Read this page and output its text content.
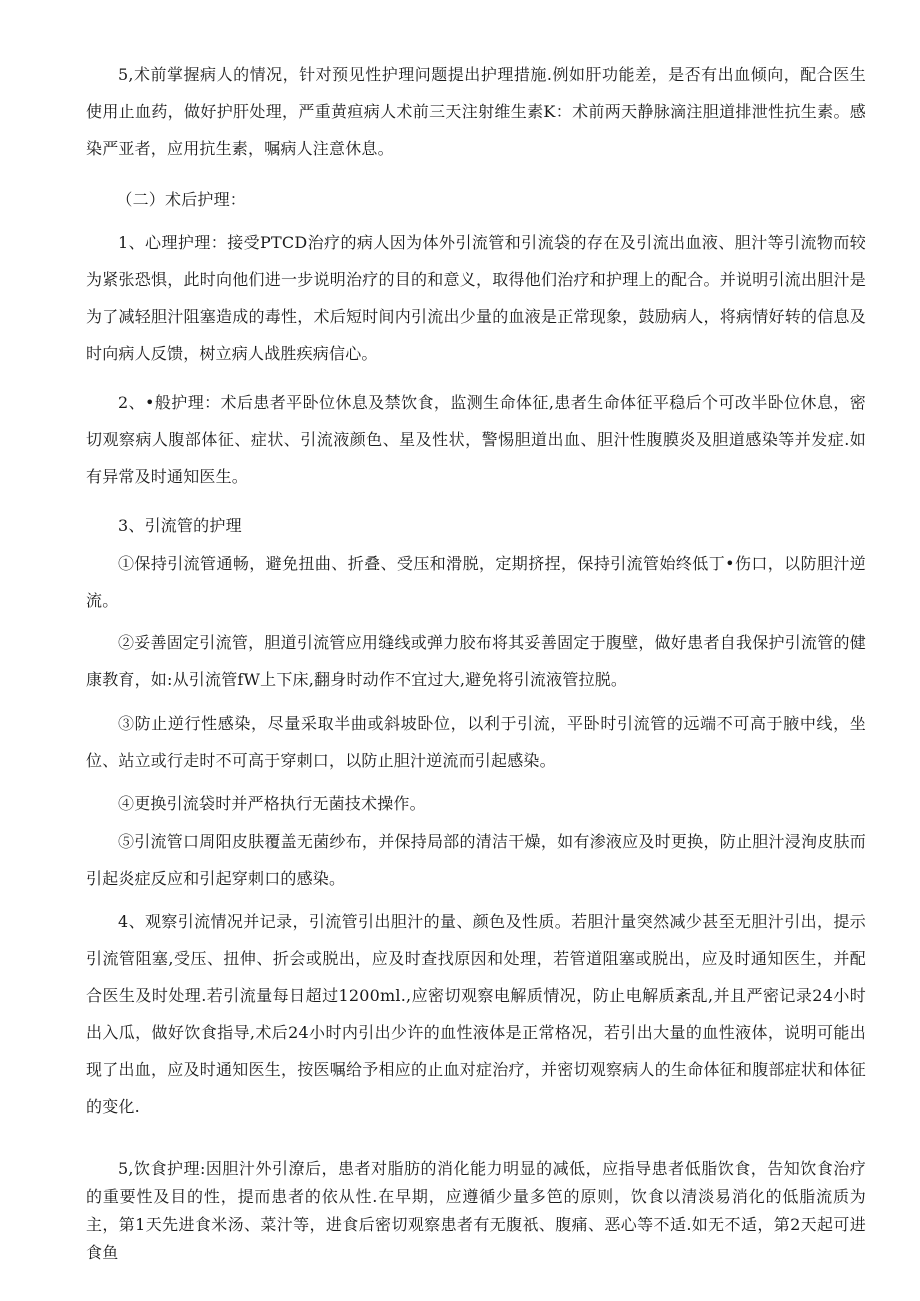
5,术前掌握病人的情况，针对预见性护理问题提出护理措施.例如肝功能差，是否有出血倾向，配合医生使用止血药，做好护肝处理，严重黄疸病人术前三天注射维生素K：术前两天静脉滴注胆道排泄性抗生素。感染严亚者，应用抗生素，嘱病人注意休息。

（二）术后护理：

1、心理护理：接受PTCD治疗的病人因为体外引流管和引流袋的存在及引流出血液、胆汁等引流物而较为紧张恐惧，此时向他们进一步说明治疗的目的和意义，取得他们治疗和护理上的配合。并说明引流出胆汁是为了减轻胆汁阻塞造成的毒性，术后短时间内引流出少量的血液是正常现象，鼓励病人，将病情好转的信息及时向病人反馈，树立病人战胜疾病信心。

2、•般护理：术后患者平卧位休息及禁饮食，监测生命体征,患者生命体征平稳后个可改半卧位休息，密切观察病人腹部体征、症状、引流液颜色、星及性状，警惕胆道出血、胆汁性腹膜炎及胆道感染等并发症.如有异常及时通知医生。

3、引流管的护理

①保持引流管通畅，避免扭曲、折叠、受压和滑脱，定期挤捏，保持引流管始终低丁•伤口，以防胆汁逆流。

②妥善固定引流管，胆道引流管应用缝线或弹力胶布将其妥善固定于腹壁，做好患者自我保护引流管的健康教育，如:从引流管fW上下床,翻身时动作不宜过大,避免将引流液管拉脱。

③防止逆行性感染，尽量采取半曲或斜坡卧位，以利于引流，平卧时引流管的远端不可高于腋中线，坐位、站立或行走时不可高于穿刺口，以防止胆汁逆流而引起感染。

④更换引流袋时并严格执行无菌技术操作。

⑤引流管口周阳皮肤覆盖无菌纱布，并保持局部的清洁干燥，如有渗液应及时更换，防止胆汁浸洵皮肤而引起炎症反应和引起穿刺口的感染。

4、观察引流情况并记录，引流管引出胆汁的量、颜色及性质。若胆汁量突然减少甚至无胆汁引出，提示引流管阻塞,受压、扭伸、折会或脱出，应及时查找原因和处理，若管道阻塞或脱出，应及时通知医生，并配合医生及时处理.若引流量每日超过1200ml.,应密切观察电解质情况，防止电解质紊乱,并且严密记录24小时出入瓜，做好饮食指导,术后24小时内引出少许的血性液体是正常格况，若引出大量的血性液体，说明可能出现了出血，应及时通知医生，按医嘱给予相应的止血对症治疗，并密切观察病人的生命体征和腹部症状和体征的变化.

5,饮食护理:因胆汁外引潦后，患者对脂肪的消化能力明显的减低，应指导患者低脂饮食，告知饮食治疗的重要性及目的性，提而患者的依从性.在早期，应遵循少量多笆的原则，饮食以清淡易消化的低脂流质为主，第1天先进食米汤、菜汁等，进食后密切观察患者有无腹祇、腹痛、恶心等不适.如无不适，第2天起可进食鱼
